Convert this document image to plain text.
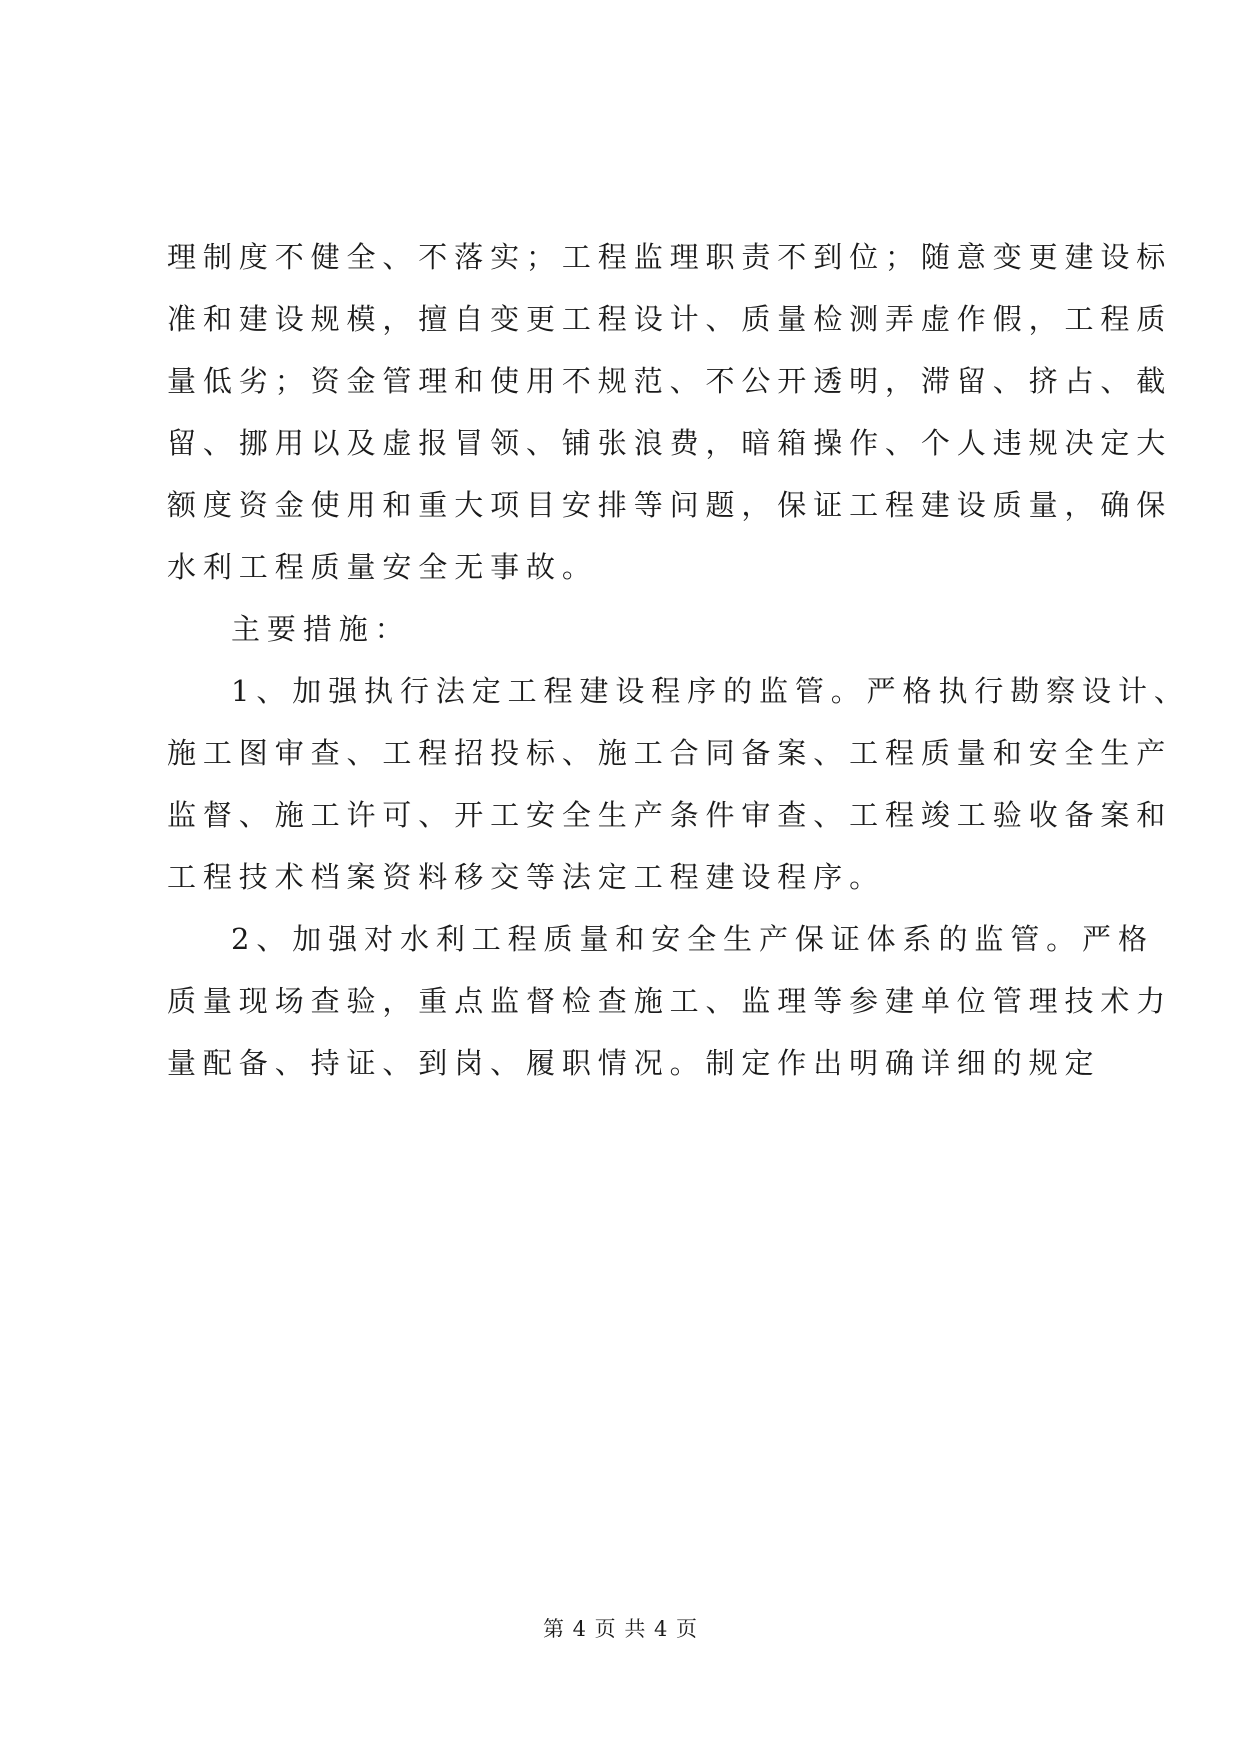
理制度不健全、不落实；工程监理职责不到位；随意变更建设标
准和建设规模，擅自变更工程设计、质量检测弄虚作假，工程质
量低劣；资金管理和使用不规范、不公开透明，滞留、挤占、截
留、挪用以及虚报冒领、铺张浪费，暗箱操作、个人违规决定大
额度资金使用和重大项目安排等问题，保证工程建设质量，确保
水利工程质量安全无事故。
主要措施：
1、加强执行法定工程建设程序的监管。严格执行勘察设计、
施工图审查、工程招投标、施工合同备案、工程质量和安全生产
监督、施工许可、开工安全生产条件审查、工程竣工验收备案和
工程技术档案资料移交等法定工程建设程序。
2、加强对水利工程质量和安全生产保证体系的监管。严格
质量现场查验，重点监督检查施工、监理等参建单位管理技术力
量配备、持证、到岗、履职情况。制定作出明确详细的规定
第 4 页 共 4 页
